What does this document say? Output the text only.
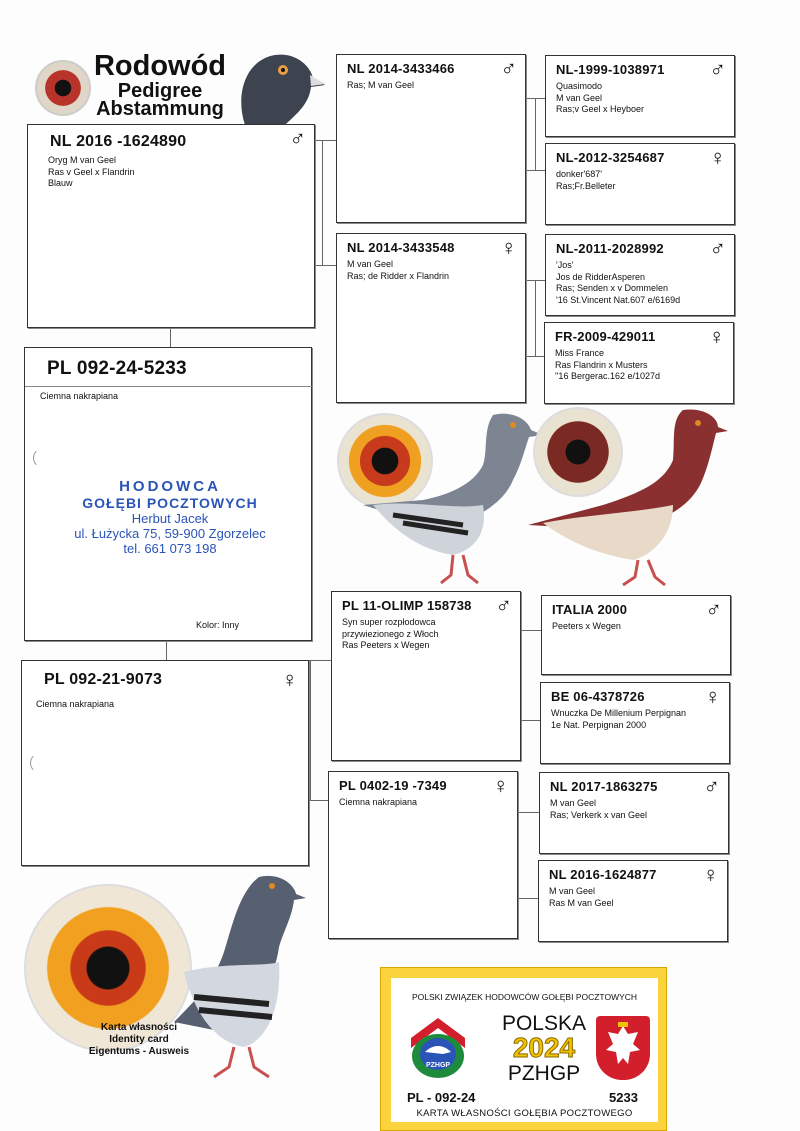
Rodowód
Pedigree
Abstammung
NL 2016 -1624890	♂
Oryg M van Geel
Ras v Geel x Flandrin
Blauw
PL 092-24-5233
Ciemna nakrapiana
HODOWCA
GOŁĘBI POCZTOWYCH
Herbut Jacek
ul. Łużycka 75, 59-900 Zgorzelec
tel. 661 073 198
Kolor: Inny
PL 092-21-9073	♀
Ciemna nakrapiana
NL 2014-3433466 ♂
Ras; M van Geel
NL 2014-3433548 ♀
M van Geel
Ras; de Ridder x Flandrin
PL 11-OLIMP 158738 ♂
Syn super rozpłodowca
przywiezionego z Włoch
Ras Peeters x Wegen
PL 0402-19 -7349 ♀
Ciemna nakrapiana
NL-1999-1038971 ♂
Quasimodo
M van Geel
Ras;v Geel x Heyboer
NL-2012-3254687 ♀
donker'687'
Ras;Fr.Belleter
NL-2011-2028992 ♂
'Jos'
Jos de RidderAsperen
Ras; Senden x v Dommelen
'16 St.Vincent Nat.607 e/6169d
FR-2009-429011 ♀
Miss France
Ras Flandrin x Musters
''16 Bergerac.162 e/1027d
ITALIA 2000	♂
Peeters x Wegen
BE 06-4378726	♀
Wnuczka De Millenium Perpignan
1e Nat. Perpignan 2000
NL 2017-1863275 ♂
M van Geel
Ras; Verkerk x van Geel
NL 2016-1624877 ♀
M van Geel
Ras M van Geel
Karta własności
Identity card
Eigentums - Ausweis
POLSKI ZWIĄZEK HODOWCÓW GOŁĘBI POCZTOWYCH
PZHGP
POLSKA
2024
PZHGP
PL - 092-24	5233
KARTA WŁASNOŚCI GOŁĘBIA POCZTOWEGO
